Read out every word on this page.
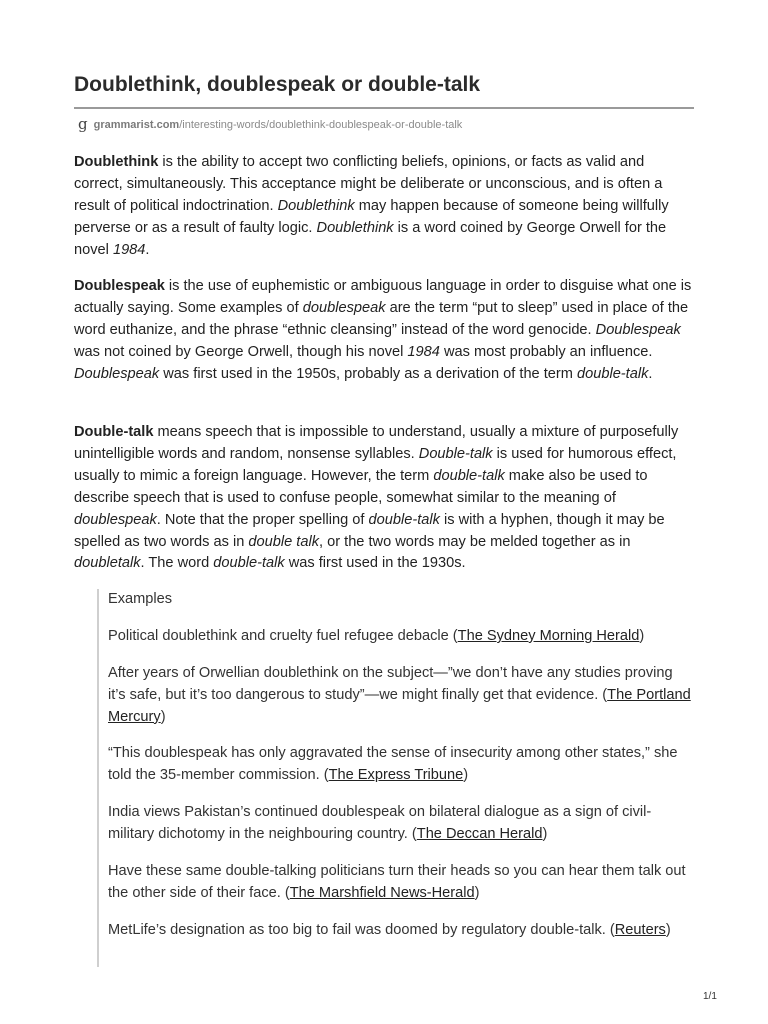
Doublethink, doublespeak or double-talk
g grammarist.com/interesting-words/doublethink-doublespeak-or-double-talk

Doublethink is the ability to accept two conflicting beliefs, opinions, or facts as valid and correct, simultaneously. This acceptance might be deliberate or unconscious, and is often a result of political indoctrination. Doublethink may happen because of someone being willfully perverse or as a result of faulty logic. Doublethink is a word coined by George Orwell for the novel 1984.

Doublespeak is the use of euphemistic or ambiguous language in order to disguise what one is actually saying. Some examples of doublespeak are the term “put to sleep” used in place of the word euthanize, and the phrase “ethnic cleansing” instead of the word genocide. Doublespeak was not coined by George Orwell, though his novel 1984 was most probably an influence. Doublespeak was first used in the 1950s, probably as a derivation of the term double-talk.

Double-talk means speech that is impossible to understand, usually a mixture of purposefully unintelligible words and random, nonsense syllables. Double-talk is used for humorous effect, usually to mimic a foreign language. However, the term double-talk make also be used to describe speech that is used to confuse people, somewhat similar to the meaning of doublespeak. Note that the proper spelling of double-talk is with a hyphen, though it may be spelled as two words as in double talk, or the two words may be melded together as in doubletalk. The word double-talk was first used in the 1930s.

Examples

Political doublethink and cruelty fuel refugee debacle (The Sydney Morning Herald)

After years of Orwellian doublethink on the subject—”we don’t have any studies proving it’s safe, but it’s too dangerous to study”—we might finally get that evidence. (The Portland Mercury)

“This doublespeak has only aggravated the sense of insecurity among other states,” she told the 35-member commission. (The Express Tribune)

India views Pakistan’s continued doublespeak on bilateral dialogue as a sign of civil-military dichotomy in the neighbouring country. (The Deccan Herald)

Have these same double-talking politicians turn their heads so you can hear them talk out the other side of their face. (The Marshfield News-Herald)

MetLife’s designation as too big to fail was doomed by regulatory double-talk. (Reuters)

1/1
